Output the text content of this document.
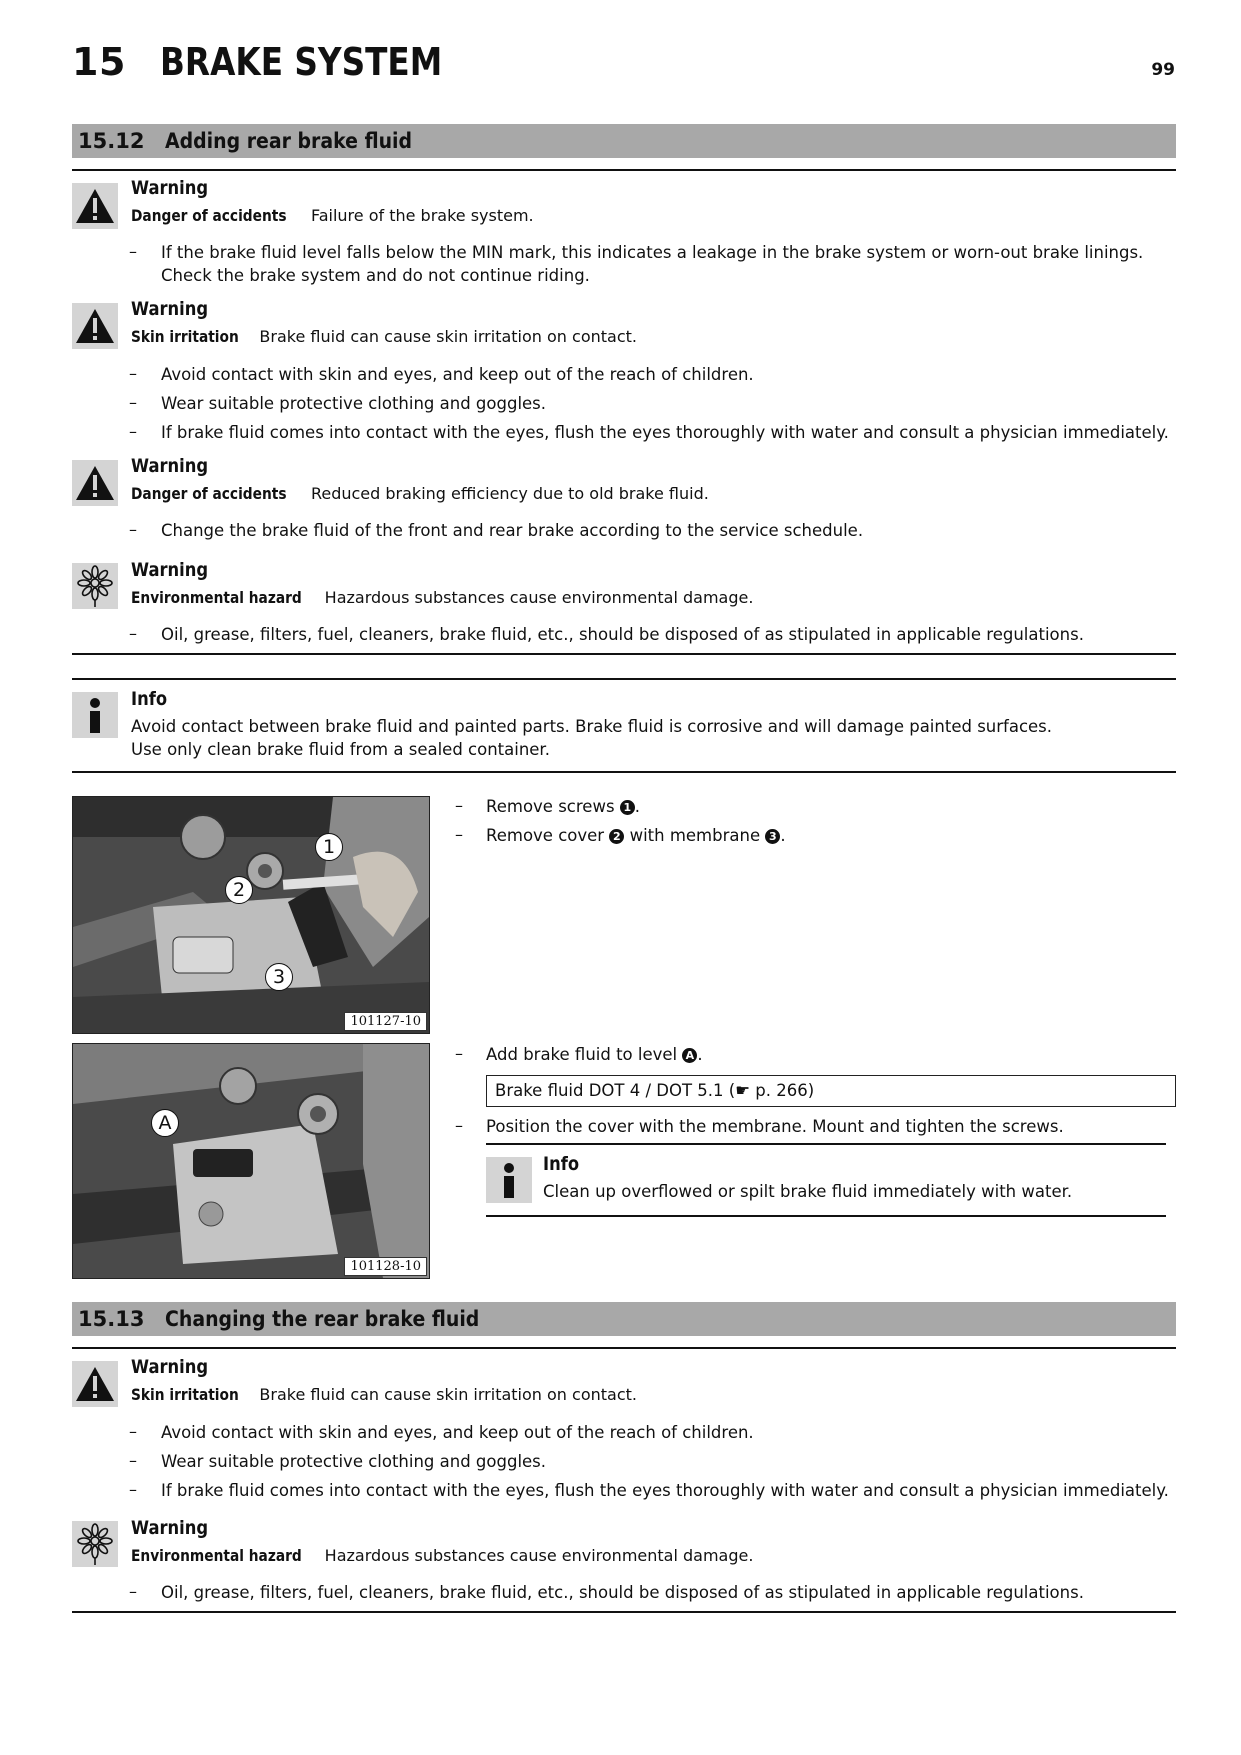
15 BRAKE SYSTEM	99
15.12 Adding rear brake fluid
Warning
Danger of accidents Failure of the brake system.
–	If the brake fluid level falls below the MIN mark, this indicates a leakage in the brake system or worn-out brake linings.
Check the brake system and do not continue riding.
Warning
Skin irritation Brake fluid can cause skin irritation on contact.
–	Avoid contact with skin and eyes, and keep out of the reach of children.
–	Wear suitable protective clothing and goggles.
–	If brake fluid comes into contact with the eyes, flush the eyes thoroughly with water and consult a physician immediately.
Warning
Danger of accidents Reduced braking efficiency due to old brake fluid.
–	Change the brake fluid of the front and rear brake according to the service schedule.
Warning
Environmental hazard Hazardous substances cause environmental damage.
–	Oil, grease, filters, fuel, cleaners, brake fluid, etc., should be disposed of as stipulated in applicable regulations.
Info
Avoid contact between brake fluid and painted parts. Brake fluid is corrosive and will damage painted surfaces.
Use only clean brake fluid from a sealed container.
1
2
3
101127-10
–	Remove screws 1 .
–	Remove cover 2 with membrane 3 .
A
101128-10
–	Add brake fluid to level A .
Brake fluid DOT 4 / DOT 5.1 (☛ p. 266)
–	Position the cover with the membrane. Mount and tighten the screws.
Info
Clean up overflowed or spilt brake fluid immediately with water.
15.13 Changing the rear brake fluid
Warning
Skin irritation Brake fluid can cause skin irritation on contact.
–	Avoid contact with skin and eyes, and keep out of the reach of children.
–	Wear suitable protective clothing and goggles.
–	If brake fluid comes into contact with the eyes, flush the eyes thoroughly with water and consult a physician immediately.
Warning
Environmental hazard Hazardous substances cause environmental damage.
–	Oil, grease, filters, fuel, cleaners, brake fluid, etc., should be disposed of as stipulated in applicable regulations.
